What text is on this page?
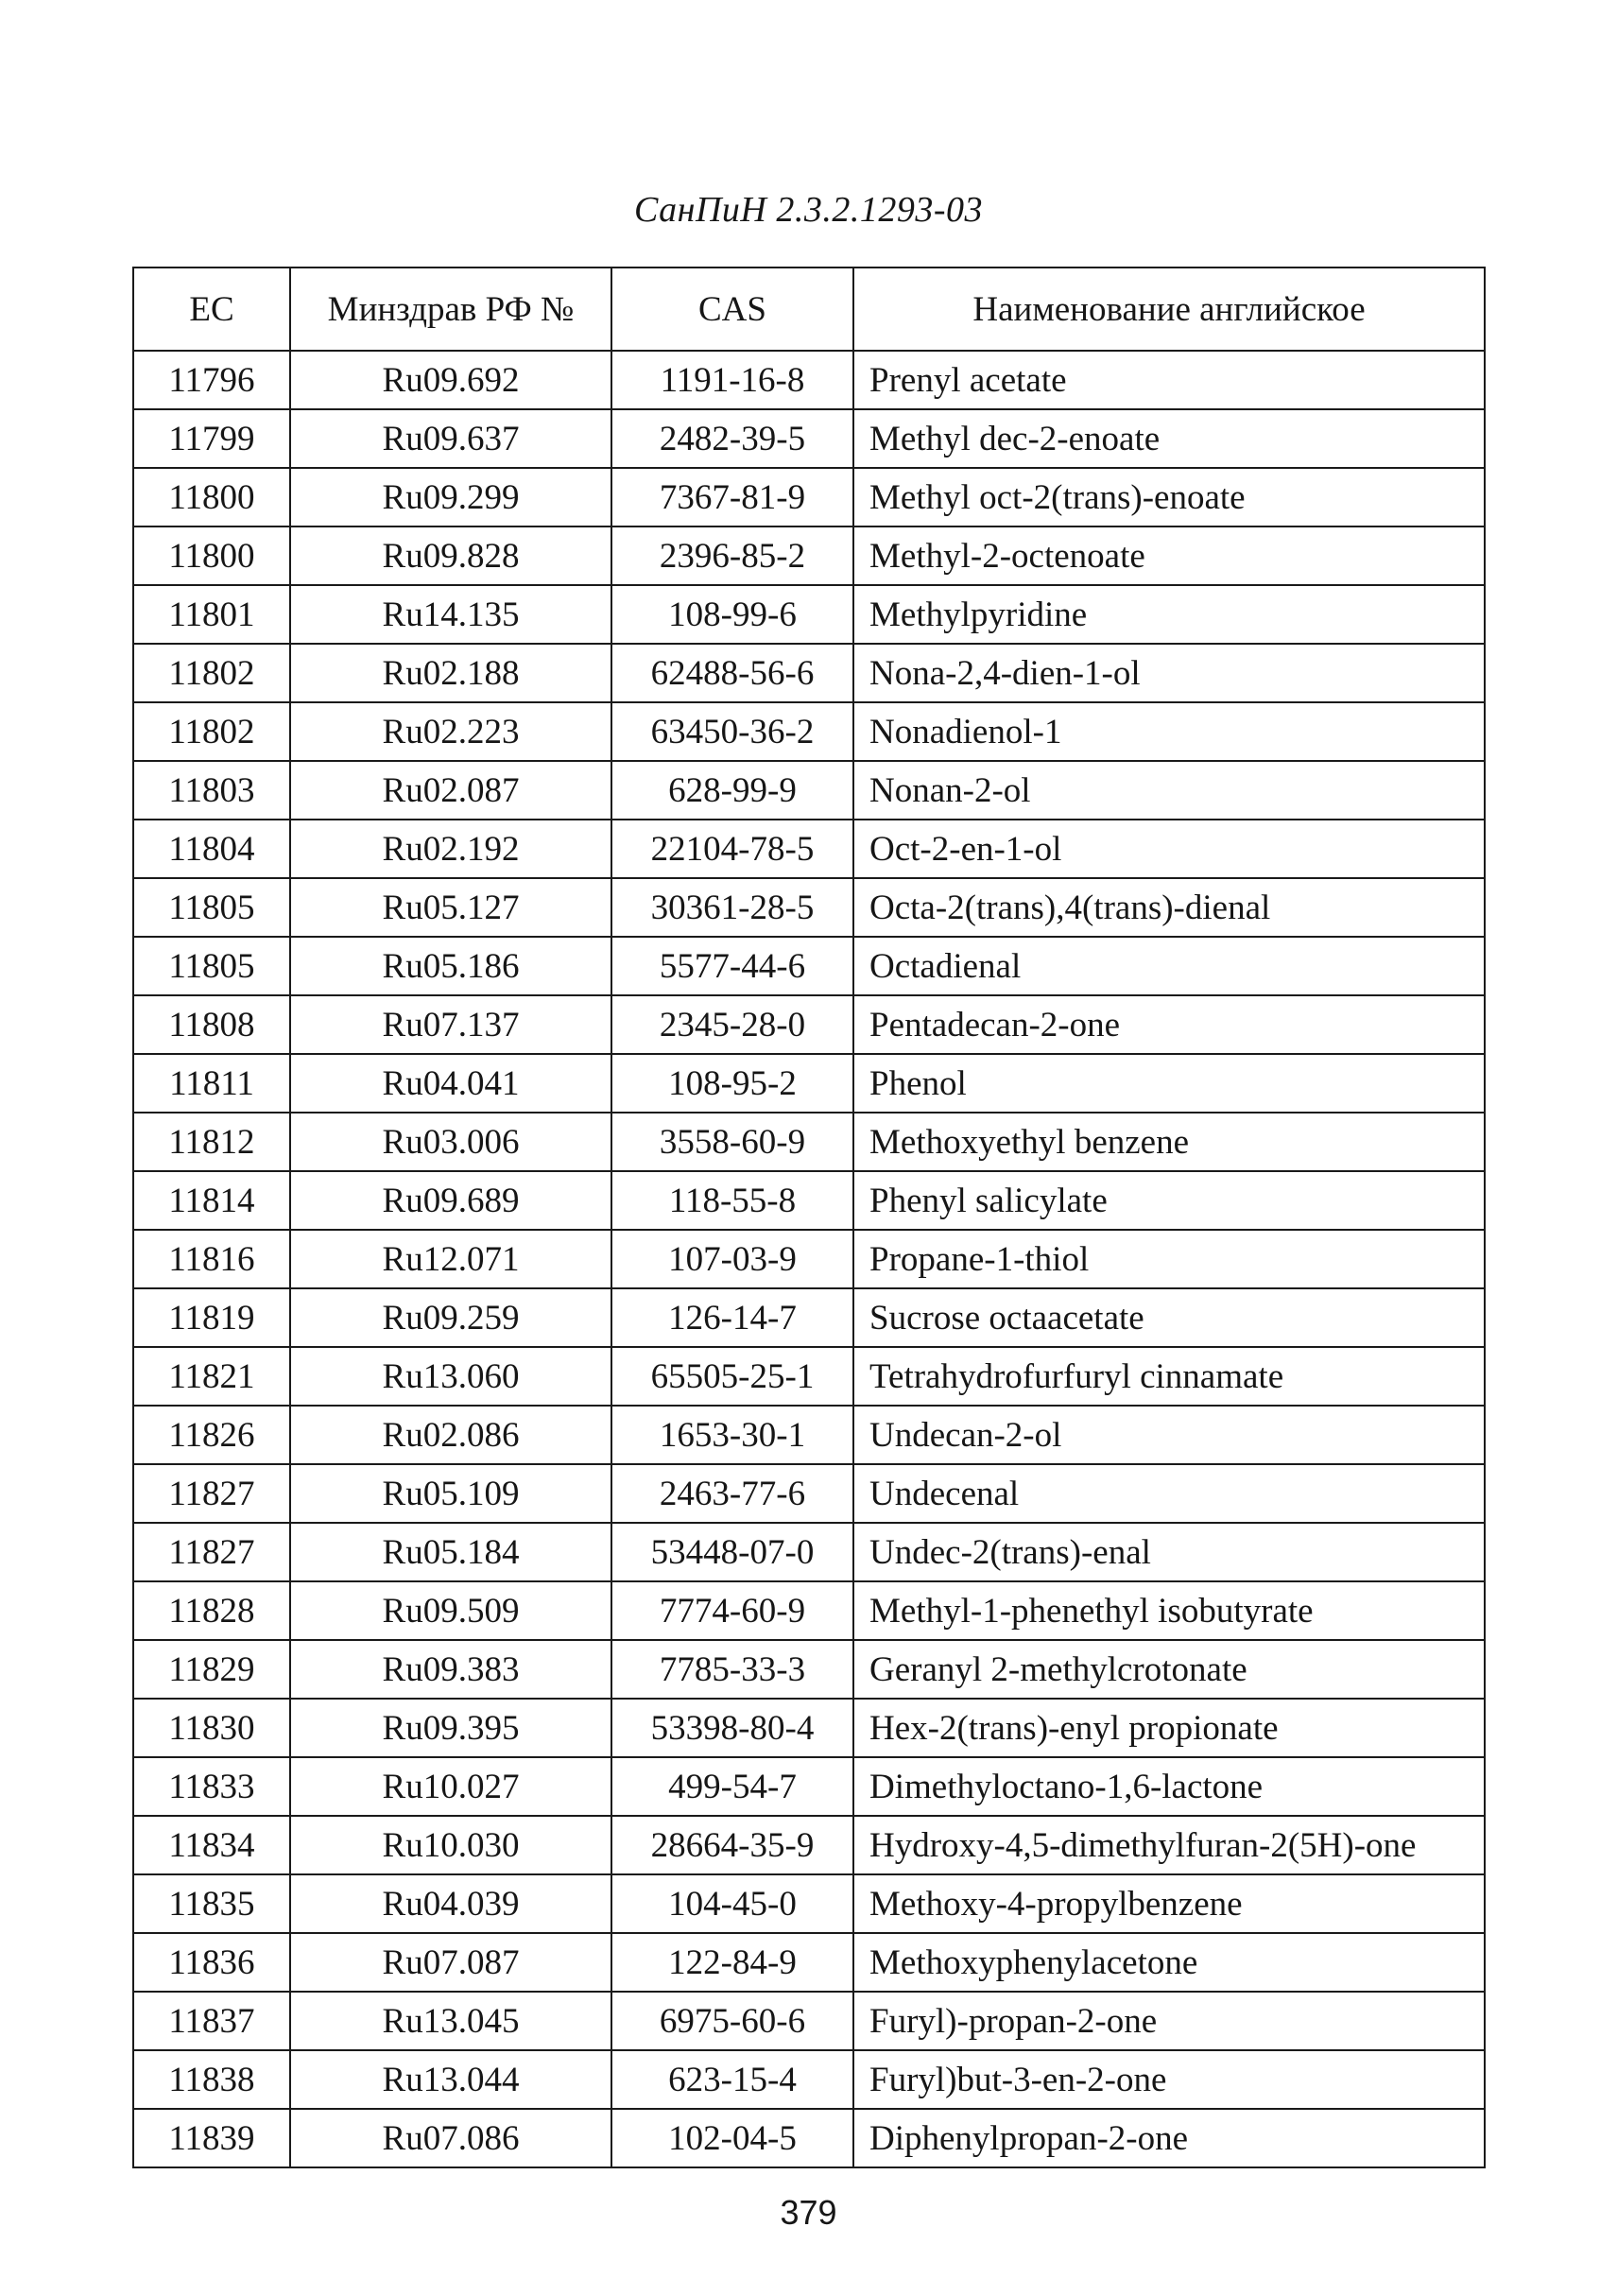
СанПиН 2.3.2.1293-03
EC	Минздрав РФ №	CAS	Наименование английское
11796	Ru09.692	1191-16-8	Prenyl acetate
11799	Ru09.637	2482-39-5	Methyl dec-2-enoate
11800	Ru09.299	7367-81-9	Methyl oct-2(trans)-enoate
11800	Ru09.828	2396-85-2	Methyl-2-octenoate
11801	Ru14.135	108-99-6	Methylpyridine
11802	Ru02.188	62488-56-6	Nona-2,4-dien-1-ol
11802	Ru02.223	63450-36-2	Nonadienol-1
11803	Ru02.087	628-99-9	Nonan-2-ol
11804	Ru02.192	22104-78-5	Oct-2-en-1-ol
11805	Ru05.127	30361-28-5	Octa-2(trans),4(trans)-dienal
11805	Ru05.186	5577-44-6	Octadienal
11808	Ru07.137	2345-28-0	Pentadecan-2-one
11811	Ru04.041	108-95-2	Phenol
11812	Ru03.006	3558-60-9	Methoxyethyl benzene
11814	Ru09.689	118-55-8	Phenyl salicylate
11816	Ru12.071	107-03-9	Propane-1-thiol
11819	Ru09.259	126-14-7	Sucrose octaacetate
11821	Ru13.060	65505-25-1	Tetrahydrofurfuryl cinnamate
11826	Ru02.086	1653-30-1	Undecan-2-ol
11827	Ru05.109	2463-77-6	Undecenal
11827	Ru05.184	53448-07-0	Undec-2(trans)-enal
11828	Ru09.509	7774-60-9	Methyl-1-phenethyl isobutyrate
11829	Ru09.383	7785-33-3	Geranyl 2-methylcrotonate
11830	Ru09.395	53398-80-4	Hex-2(trans)-enyl propionate
11833	Ru10.027	499-54-7	Dimethyloctano-1,6-lactone
11834	Ru10.030	28664-35-9	Hydroxy-4,5-dimethylfuran-2(5H)-one
11835	Ru04.039	104-45-0	Methoxy-4-propylbenzene
11836	Ru07.087	122-84-9	Methoxyphenylacetone
11837	Ru13.045	6975-60-6	Furyl)-propan-2-one
11838	Ru13.044	623-15-4	Furyl)but-3-en-2-one
11839	Ru07.086	102-04-5	Diphenylpropan-2-one
379
